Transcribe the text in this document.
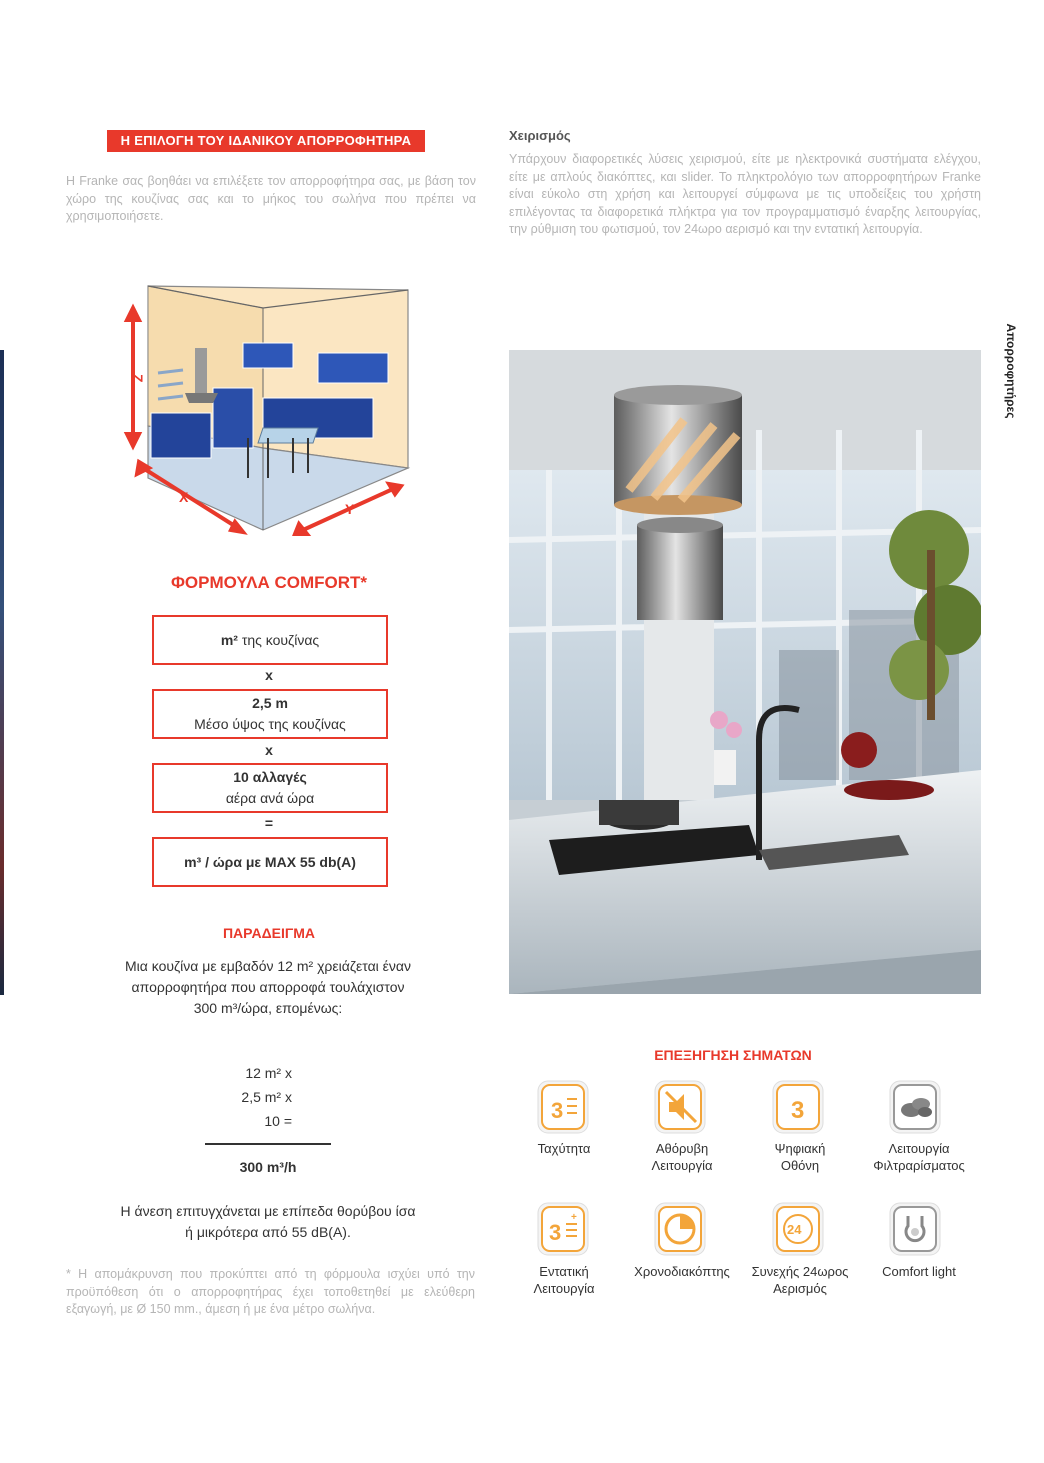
Η ΕΠΙΛΟΓΗ ΤΟΥ ΙΔΑΝΙΚΟΥ ΑΠΟΡΡΟΦΗΤΗΡΑ
Η Franke σας βοηθάει να επιλέξετε τον απορροφήτηρα σας, με βάση τον χώρο της κουζίνας σας και το μήκος του σωλήνα που πρέπει να χρησιμοποιήσετε.
Χειρισμός
Υπάρχουν διαφορετικές λύσεις χειρισμού, είτε με ηλεκτρονικά συστήματα ελέγχου, είτε με απλούς διακόπτες, και slider. Το πληκτρολόγιο των απορροφητήρων Franke είναι εύκολο στη χρήση και λειτουργεί σύμφωνα με τις υποδείξεις του χρήστη επιλέγοντας τα διαφορετικά πλήκτρα για τον προγραμματισμό έναρξης λειτουργίας, την ρύθμιση του φωτισμού, τον 24ωρο αερισμό και την εντατική λειτουργία.
Απορροφητήρες
Z
X
Y
ΦΟΡΜΟΥΛΑ COMFORT*
m² της κουζίνας
x
2,5 m
Μέσο ύψος της κουζίνας
x
10 αλλαγές
αέρα ανά ώρα
=
m³ / ώρα με MAX 55 db(A)
ΠΑΡΑΔΕΙΓΜΑ
Μια κουζίνα με εμβαδόν 12 m² χρειάζεται έναν απορροφητήρα που απορροφά τουλάχιστον 300 m³/ώρα, επομένως:
12 m² x
2,5 m² x
10 =
300 m³/h
Η άνεση επιτυγχάνεται με επίπεδα θορύβου ίσα ή μικρότερα από 55 dB(A).
* Η απομάκρυνση που προκύπτει από τη φόρμουλα ισχύει υπό την προϋπόθεση ότι ο απορροφητήρας έχει τοποθετηθεί με ελεύθερη εξαγωγή, με Ø 150 mm., άμεση ή με ένα μέτρο σωλήνα.
ΕΠΕΞΗΓΗΣΗ ΣΗΜΑΤΩΝ
3
Ταχύτητα	Αθόρυβη
Λειτουργία
3
Ψηφιακή
Οθόνη
Λειτουργία
Φιλτραρίσματος
3
+
Εντατική
Λειτουργία
Χρονοδιακόπτης
24
Συνεχής 24ωρος
Αερισμός
Comfort light
